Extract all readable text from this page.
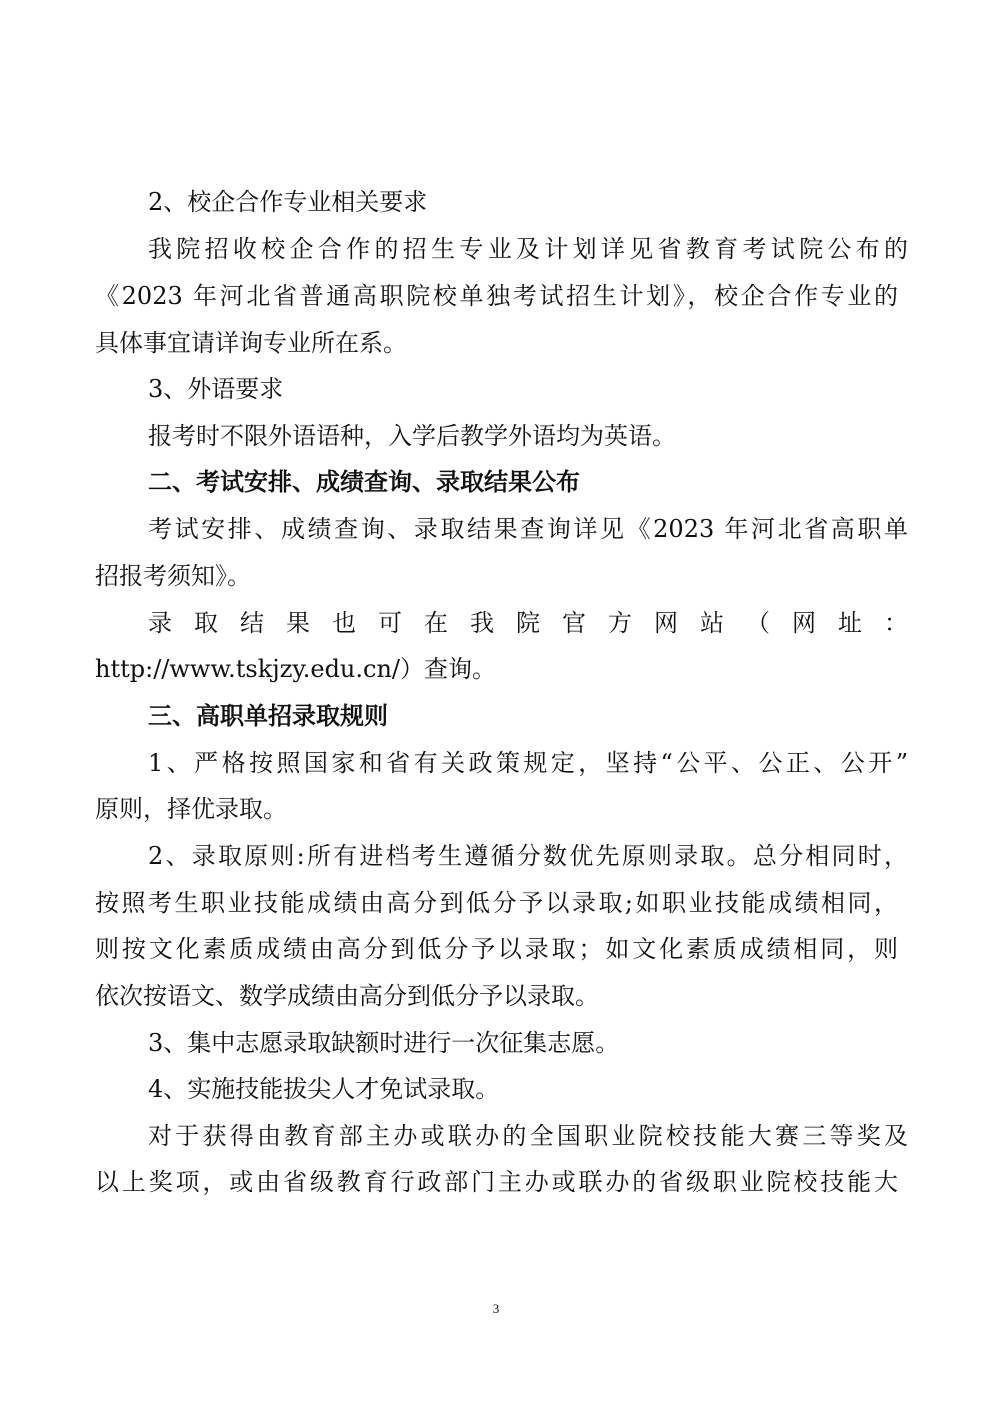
2、校企合作专业相关要求
我院招收校企合作的招生专业及计划详见省教育考试院公布的
《2023 年河北省普通高职院校单独考试招生计划》，校企合作专业的
具体事宜请详询专业所在系。
3、外语要求
报考时不限外语语种，入学后教学外语均为英语。
二、考试安排、成绩查询、录取结果公布
考试安排、成绩查询、录取结果查询详见《2023 年河北省高职单
招报考须知》。
录 取 结 果 也 可 在 我 院 官 方 网 站 （ 网 址 ：
http://www.tskjzy.edu.cn/）查询。
三、高职单招录取规则
1、严格按照国家和省有关政策规定，坚持“公平、公正、公开”
原则，择优录取。
2、录取原则:所有进档考生遵循分数优先原则录取。总分相同时，
按照考生职业技能成绩由高分到低分予以录取;如职业技能成绩相同，
则按文化素质成绩由高分到低分予以录取；如文化素质成绩相同，则
依次按语文、数学成绩由高分到低分予以录取。
3、集中志愿录取缺额时进行一次征集志愿。
4、实施技能拔尖人才免试录取。
对于获得由教育部主办或联办的全国职业院校技能大赛三等奖及
以上奖项，或由省级教育行政部门主办或联办的省级职业院校技能大
3
